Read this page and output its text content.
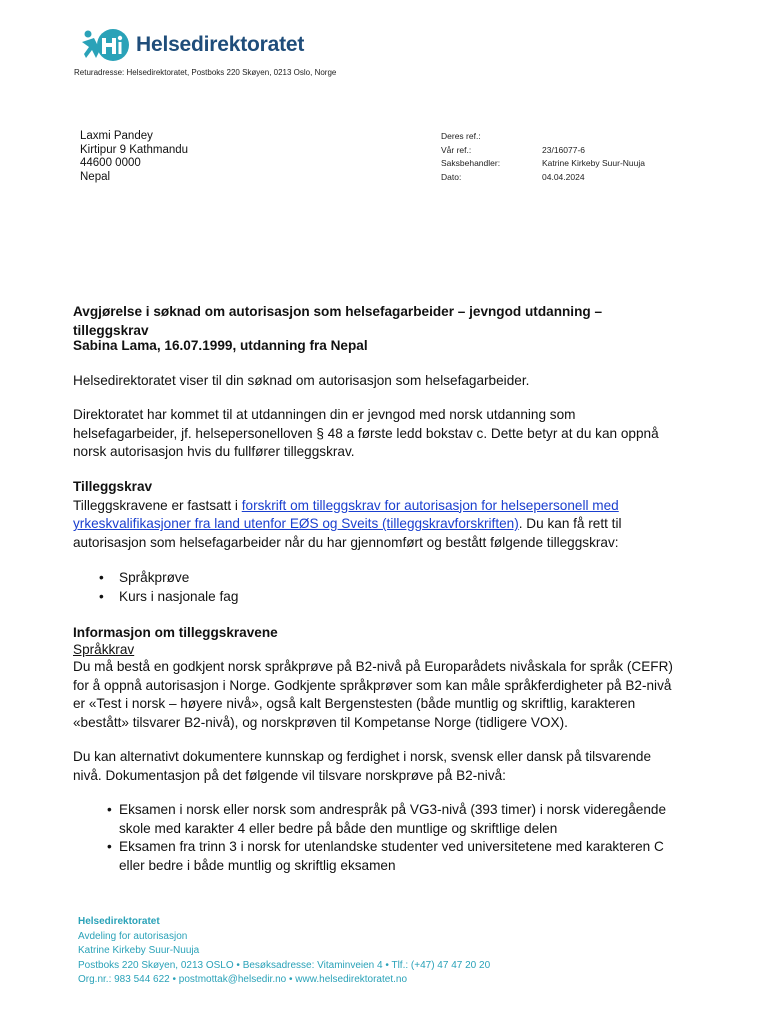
Helsedirektoratet
Returadresse: Helsedirektoratet, Postboks 220 Skøyen, 0213 Oslo, Norge
Laxmi Pandey
Kirtipur 9 Kathmandu
44600 0000
Nepal
Deres ref.:
Vår ref.:	23/16077-6
Saksbehandler:	Katrine Kirkeby Suur-Nuuja
Dato:	04.04.2024
Avgjørelse i søknad om autorisasjon som helsefagarbeider – jevngod utdanning – tilleggskrav
Sabina Lama, 16.07.1999, utdanning fra Nepal
Helsedirektoratet viser til din søknad om autorisasjon som helsefagarbeider.
Direktoratet har kommet til at utdanningen din er jevngod med norsk utdanning som helsefagarbeider, jf. helsepersonelloven § 48 a første ledd bokstav c. Dette betyr at du kan oppnå norsk autorisasjon hvis du fullfører tilleggskrav.
Tilleggskrav
Tilleggskravene er fastsatt i forskrift om tilleggskrav for autorisasjon for helsepersonell med yrkeskvalifikasjoner fra land utenfor EØS og Sveits (tilleggskravforskriften). Du kan få rett til autorisasjon som helsefagarbeider når du har gjennomført og bestått følgende tilleggskrav:
• Språkprøve
• Kurs i nasjonale fag
Informasjon om tilleggskravene
Språkkrav
Du må bestå en godkjent norsk språkprøve på B2-nivå på Europarådets nivåskala for språk (CEFR) for å oppnå autorisasjon i Norge. Godkjente språkprøver som kan måle språkferdigheter på B2-nivå er «Test i norsk – høyere nivå», også kalt Bergenstesten (både muntlig og skriftlig, karakteren «bestått» tilsvarer B2-nivå), og norskprøven til Kompetanse Norge (tidligere VOX).
Du kan alternativt dokumentere kunnskap og ferdighet i norsk, svensk eller dansk på tilsvarende nivå. Dokumentasjon på det følgende vil tilsvare norskprøve på B2-nivå:
• Eksamen i norsk eller norsk som andrespråk på VG3-nivå (393 timer) i norsk videregående skole med karakter 4 eller bedre på både den muntlige og skriftlige delen
• Eksamen fra trinn 3 i norsk for utenlandske studenter ved universitetene med karakteren C eller bedre i både muntlig og skriftlig eksamen
Helsedirektoratet
Avdeling for autorisasjon
Katrine Kirkeby Suur-Nuuja
Postboks 220 Skøyen, 0213 OSLO • Besøksadresse: Vitaminveien 4 • Tlf.: (+47) 47 47 20 20
Org.nr.: 983 544 622 • postmottak@helsedir.no • www.helsedirektoratet.no
